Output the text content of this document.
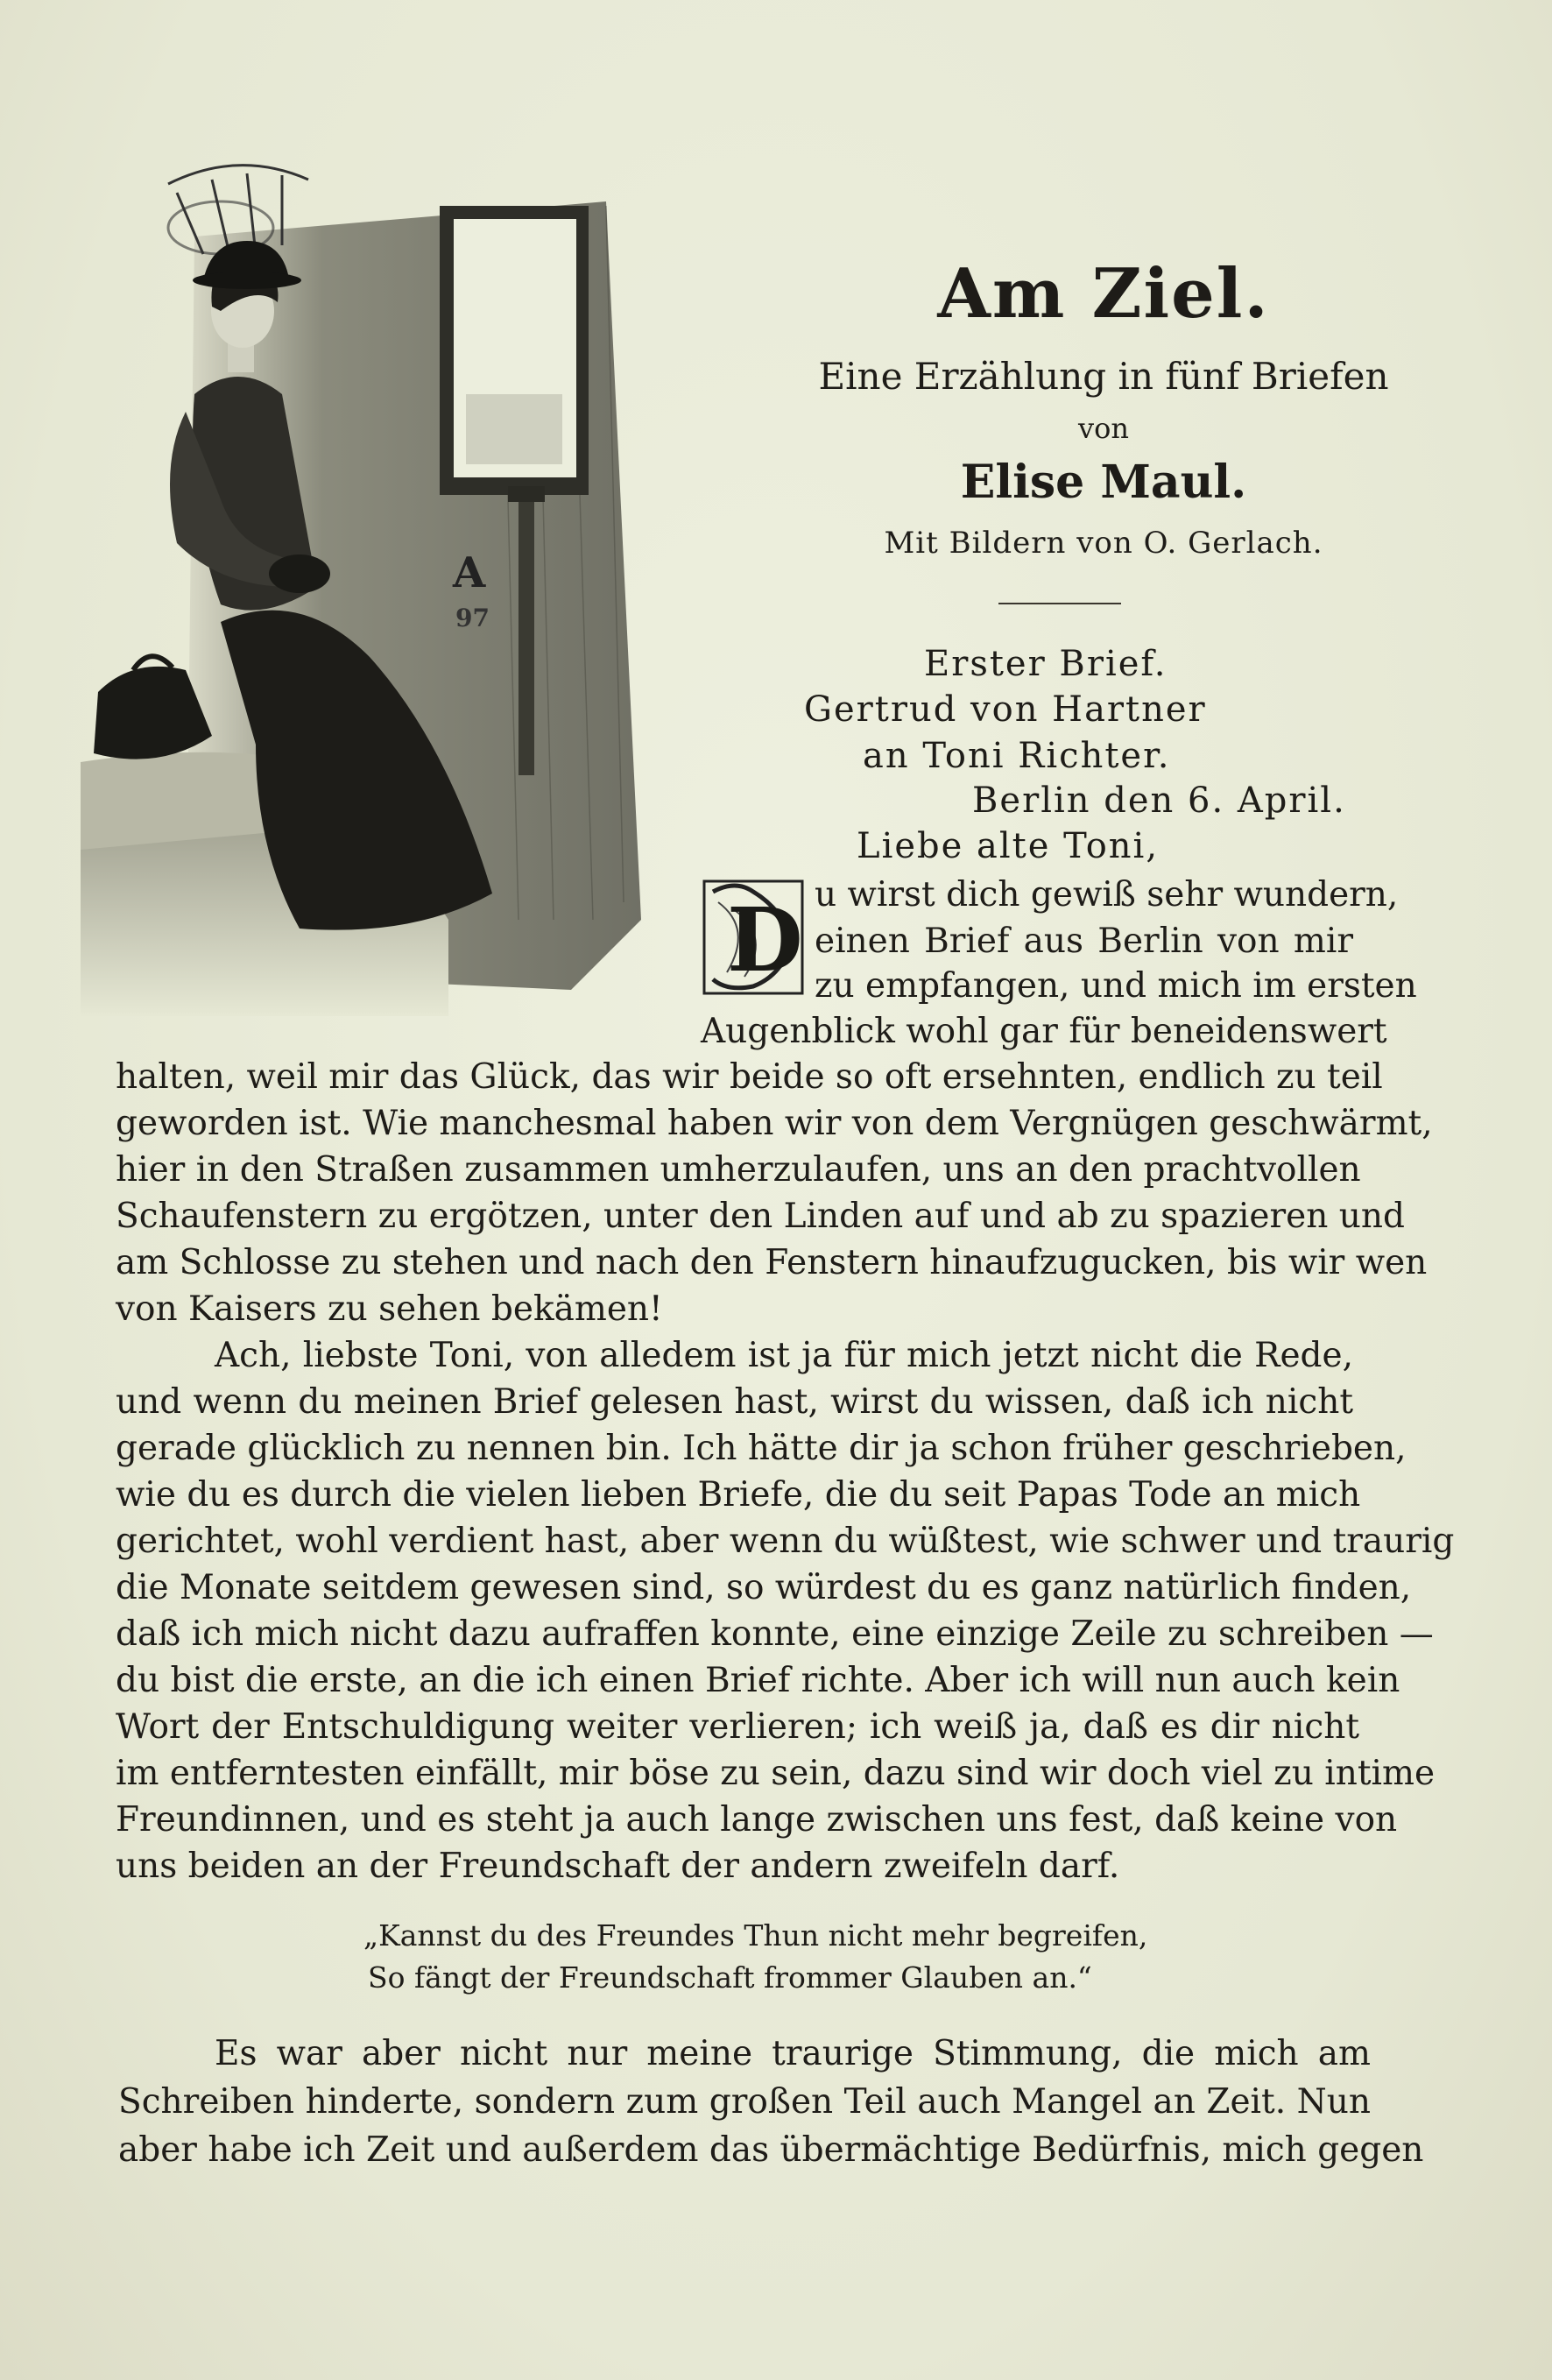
A
97
Am Ziel.
Eine Erzählung in fünf Briefen
von
Elise Maul.
Mit Bildern von O. Gerlach.
Erster Brief.
Gertrud von Hartner
an Toni Richter.
Berlin den 6. April.
Liebe alte Toni,
D u wirst dich gewiß sehr wundern,
einen Brief aus Berlin von mir
zu empfangen, und mich im ersten
Augenblick wohl gar für beneidenswert
halten, weil mir das Glück, das wir beide so oft ersehnten, endlich zu teil
geworden ist. Wie manchesmal haben wir von dem Vergnügen geschwärmt,
hier in den Straßen zusammen umherzulaufen, uns an den prachtvollen
Schaufenstern zu ergötzen, unter den Linden auf und ab zu spazieren und
am Schlosse zu stehen und nach den Fenstern hinaufzugucken, bis wir wen
von Kaisers zu sehen bekämen!
Ach, liebste Toni, von alledem ist ja für mich jetzt nicht die Rede,
und wenn du meinen Brief gelesen hast, wirst du wissen, daß ich nicht
gerade glücklich zu nennen bin. Ich hätte dir ja schon früher geschrieben,
wie du es durch die vielen lieben Briefe, die du seit Papas Tode an mich
gerichtet, wohl verdient hast, aber wenn du wüßtest, wie schwer und traurig
die Monate seitdem gewesen sind, so würdest du es ganz natürlich finden,
daß ich mich nicht dazu aufraffen konnte, eine einzige Zeile zu schreiben —
du bist die erste, an die ich einen Brief richte. Aber ich will nun auch kein
Wort der Entschuldigung weiter verlieren; ich weiß ja, daß es dir nicht
im entferntesten einfällt, mir böse zu sein, dazu sind wir doch viel zu intime
Freundinnen, und es steht ja auch lange zwischen uns fest, daß keine von
uns beiden an der Freundschaft der andern zweifeln darf.
„Kannst du des Freundes Thun nicht mehr begreifen,
So fängt der Freundschaft frommer Glauben an.“
Es war aber nicht nur meine traurige Stimmung, die mich am
Schreiben hinderte, sondern zum großen Teil auch Mangel an Zeit. Nun
aber habe ich Zeit und außerdem das übermächtige Bedürfnis, mich gegen
